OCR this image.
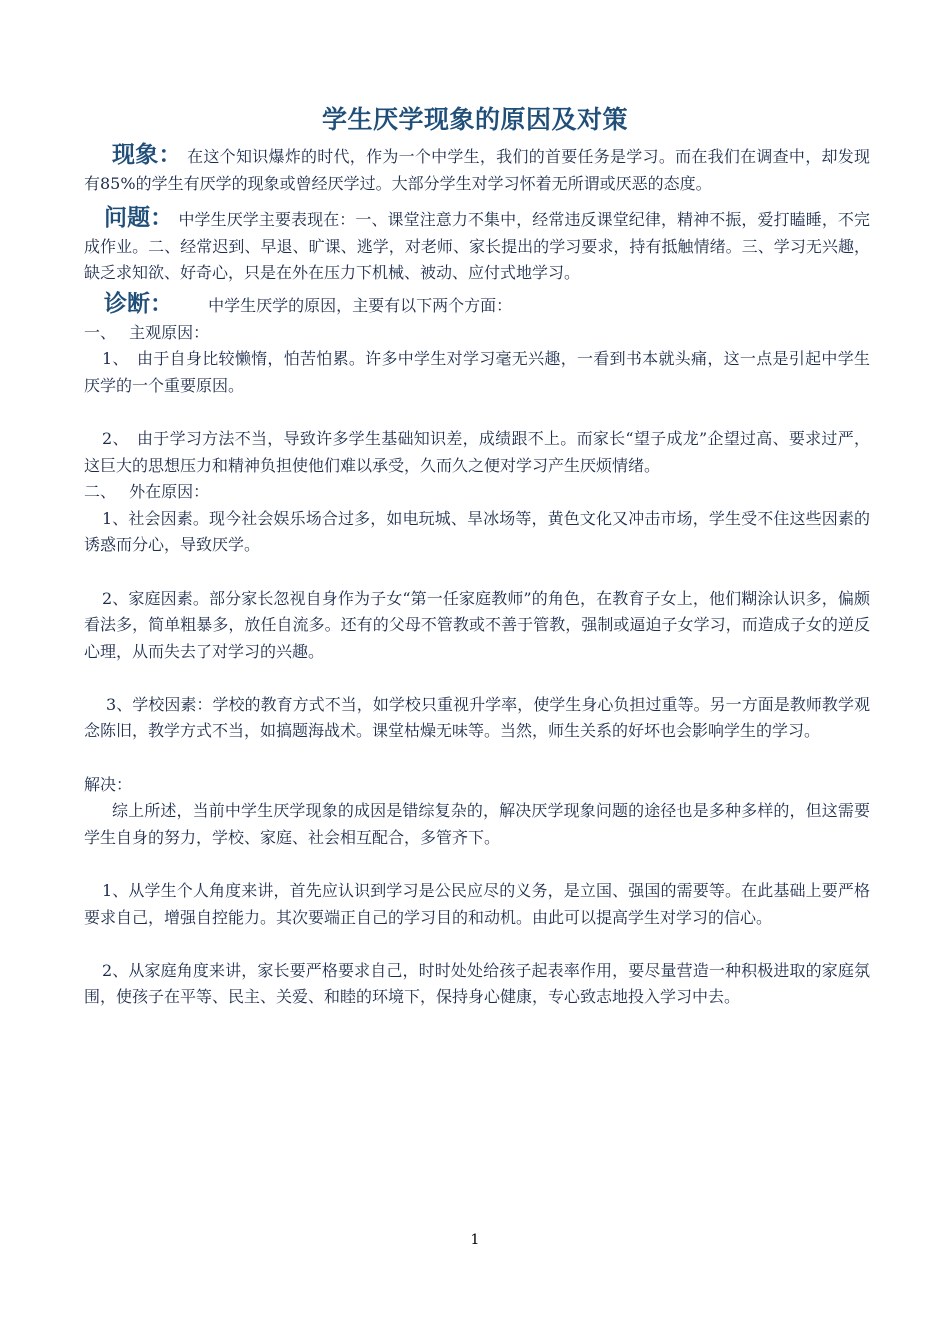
学生厌学现象的原因及对策

现象： 在这个知识爆炸的时代，作为一个中学生，我们的首要任务是学习。而在我们在调查中，却发现有85%的学生有厌学的现象或曾经厌学过。大部分学生对学习怀着无所谓或厌恶的态度。

问题： 中学生厌学主要表现在：一、课堂注意力不集中，经常违反课堂纪律，精神不振，爱打瞌睡，不完成作业。二、经常迟到、早退、旷课、逃学，对老师、家长提出的学习要求，持有抵触情绪。三、学习无兴趣，缺乏求知欲、好奇心，只是在外在压力下机械、被动、应付式地学习。

诊断： 中学生厌学的原因，主要有以下两个方面：

一、　 主观原因：

1、　由于自身比较懒惰，怕苦怕累。许多中学生对学习毫无兴趣，一看到书本就头痛，这一点是引起中学生厌学的一个重要原因。

2、　由于学习方法不当，导致许多学生基础知识差，成绩跟不上。而家长“望子成龙”企望过高、要求过严，这巨大的思想压力和精神负担使他们难以承受，久而久之便对学习产生厌烦情绪。

二、　 外在原因：

1、社会因素。现今社会娱乐场合过多，如电玩城、旱冰场等，黄色文化又冲击市场，学生受不住这些因素的诱惑而分心，导致厌学。

2、家庭因素。部分家长忽视自身作为子女“第一任家庭教师”的角色，在教育子女上，他们糊涂认识多，偏颇看法多，简单粗暴多，放任自流多。还有的父母不管教或不善于管教，强制或逼迫子女学习，而造成子女的逆反心理，从而失去了对学习的兴趣。

3、学校因素：学校的教育方式不当，如学校只重视升学率，使学生身心负担过重等。另一方面是教师教学观念陈旧，教学方式不当，如搞题海战术。课堂枯燥无味等。当然，师生关系的好坏也会影响学生的学习。

解决：

综上所述，当前中学生厌学现象的成因是错综复杂的，解决厌学现象问题的途径也是多种多样的，但这需要学生自身的努力，学校、家庭、社会相互配合，多管齐下。

1、从学生个人角度来讲，首先应认识到学习是公民应尽的义务，是立国、强国的需要等。在此基础上要严格要求自己，增强自控能力。其次要端正自己的学习目的和动机。由此可以提高学生对学习的信心。

2、从家庭角度来讲，家长要严格要求自己，时时处处给孩子起表率作用，要尽量营造一种积极进取的家庭氛围，使孩子在平等、民主、关爱、和睦的环境下，保持身心健康，专心致志地投入学习中去。

1
